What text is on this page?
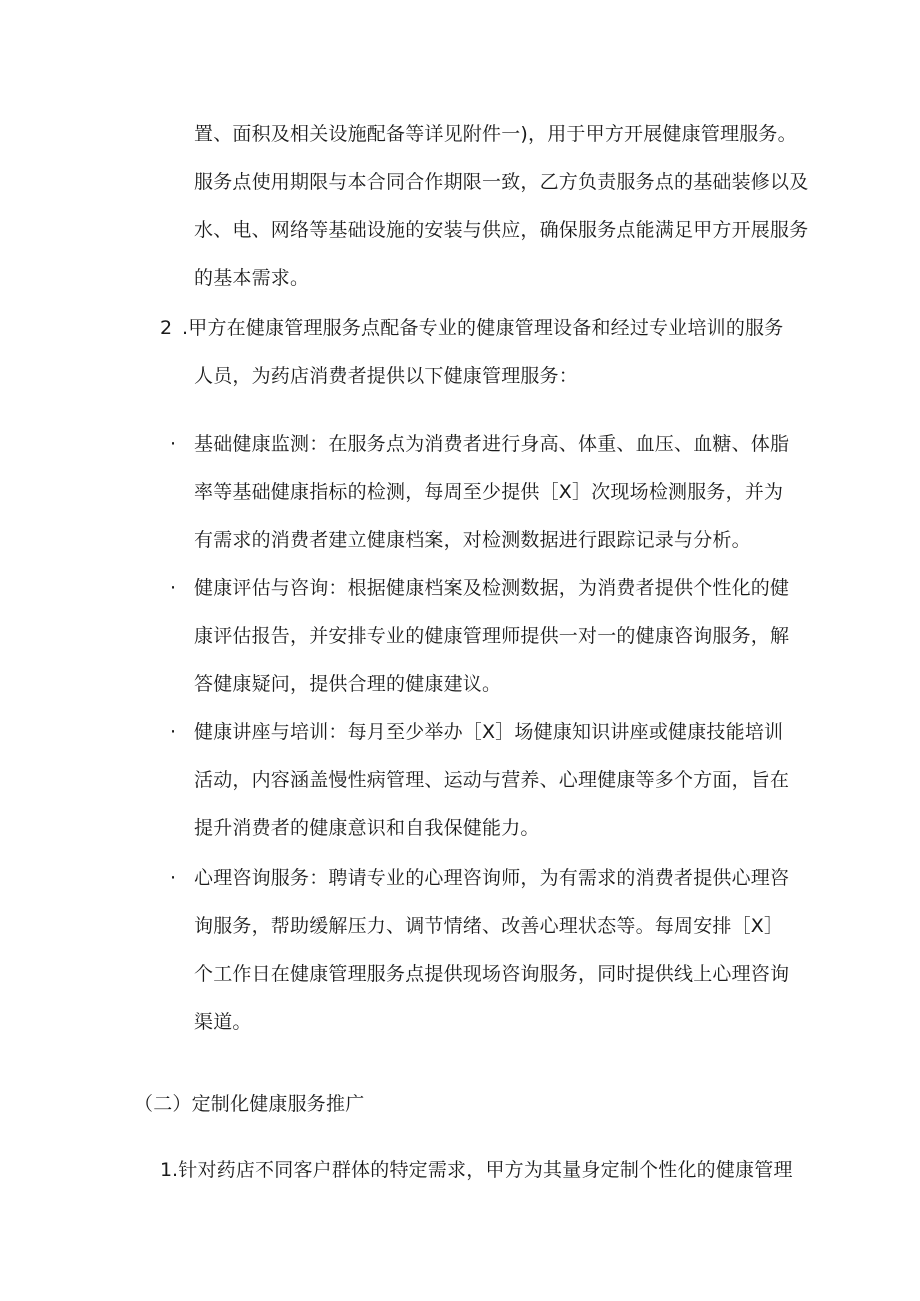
置、面积及相关设施配备等详见附件一)，用于甲方开展健康管理服务。
服务点使用期限与本合同合作期限一致，乙方负责服务点的基础装修以及
水、电、网络等基础设施的安装与供应，确保服务点能满足甲方开展服务
的基本需求。
2 .甲方在健康管理服务点配备专业的健康管理设备和经过专业培训的服务
人员，为药店消费者提供以下健康管理服务：
· 基础健康监测：在服务点为消费者进行身高、体重、血压、血糖、体脂
率等基础健康指标的检测，每周至少提供［X］次现场检测服务，并为
有需求的消费者建立健康档案，对检测数据进行跟踪记录与分析。
· 健康评估与咨询：根据健康档案及检测数据，为消费者提供个性化的健
康评估报告，并安排专业的健康管理师提供一对一的健康咨询服务，解
答健康疑问，提供合理的健康建议。
· 健康讲座与培训：每月至少举办［X］场健康知识讲座或健康技能培训
活动，内容涵盖慢性病管理、运动与营养、心理健康等多个方面，旨在
提升消费者的健康意识和自我保健能力。
· 心理咨询服务：聘请专业的心理咨询师，为有需求的消费者提供心理咨
询服务，帮助缓解压力、调节情绪、改善心理状态等。每周安排［X］
个工作日在健康管理服务点提供现场咨询服务，同时提供线上心理咨询
渠道。
（二）定制化健康服务推广
1 .针对药店不同客户群体的特定需求，甲方为其量身定制个性化的健康管理
